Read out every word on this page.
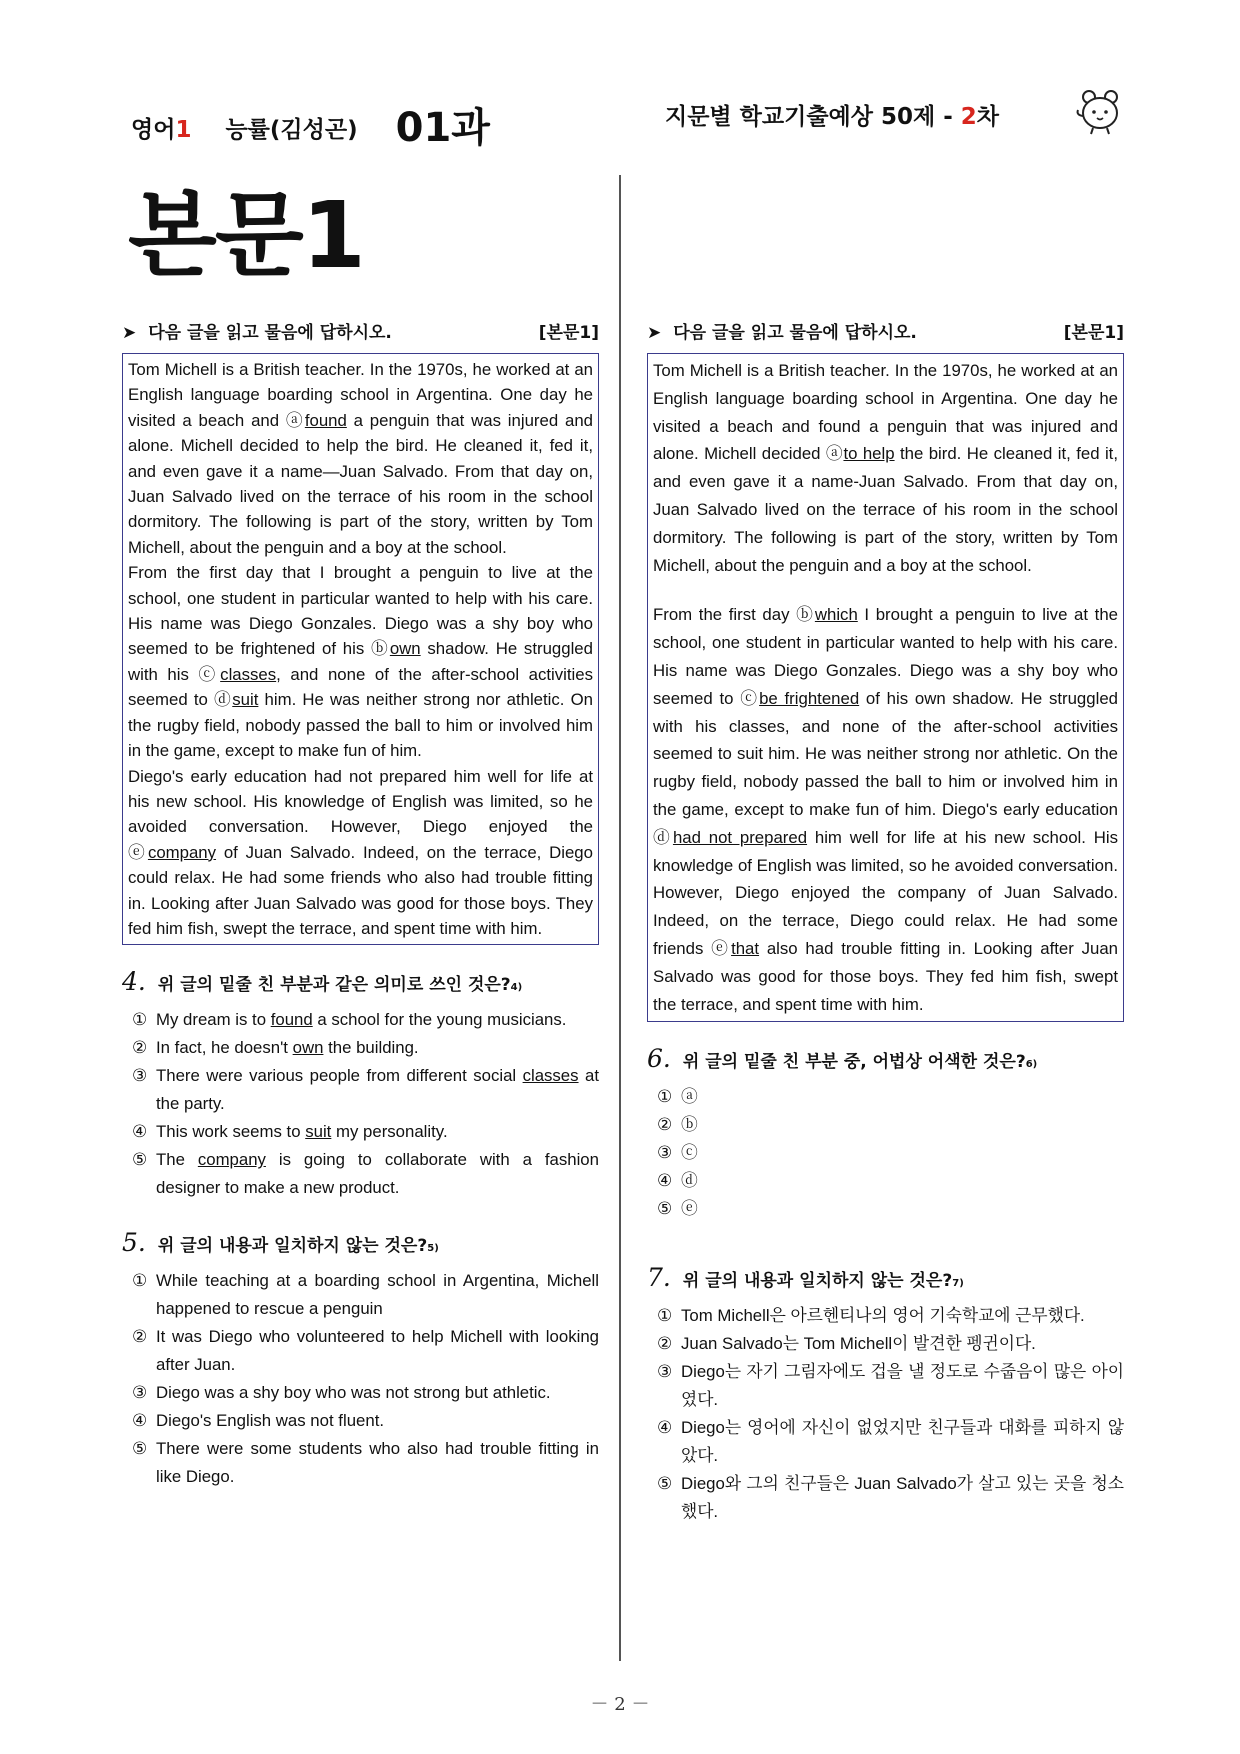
영어1 능률(김성곤) 01과	지문별 학교기출예상 50제 - 2차
본문1
➤ 다음 글을 읽고 물음에 답하시오.	[본문1]

Tom Michell is a British teacher. In the 1970s, he worked at an English language boarding school in Argentina. One day he visited a beach and ⓐfound a penguin that was injured and alone. Michell decided to help the bird. He cleaned it, fed it, and even gave it a name—Juan Salvado. From that day on, Juan Salvado lived on the terrace of his room in the school dormitory. The following is part of the story, written by Tom Michell, about the penguin and a boy at the school.

From the first day that I brought a penguin to live at the school, one student in particular wanted to help with his care. His name was Diego Gonzales. Diego was a shy boy who seemed to be frightened of his ⓑown shadow. He struggled with his ⓒclasses, and none of the after-school activities seemed to ⓓsuit him. He was neither strong nor athletic. On the rugby field, nobody passed the ball to him or involved him in the game, except to make fun of him.

Diego's early education had not prepared him well for life at his new school. His knowledge of English was limited, so he avoided conversation. However, Diego enjoyed the ⓔcompany of Juan Salvado. Indeed, on the terrace, Diego could relax. He had some friends who also had trouble fitting in. Looking after Juan Salvado was good for those boys. They fed him fish, swept the terrace, and spent time with him.

4. 위 글의 밑줄 친 부분과 같은 의미로 쓰인 것은? 4)
① My dream is to found a school for the young musicians.
② In fact, he doesn't own the building.
③ There were various people from different social classes at the party.
④ This work seems to suit my personality.
⑤ The company is going to collaborate with a fashion designer to make a new product.
5. 위 글의 내용과 일치하지 않는 것은? 5)
① While teaching at a boarding school in Argentina, Michell happened to rescue a penguin
② It was Diego who volunteered to help Michell with looking after Juan.
③ Diego was a shy boy who was not strong but athletic.
④ Diego's English was not fluent.
⑤ There were some students who also had trouble fitting in like Diego.
➤ 다음 글을 읽고 물음에 답하시오.	[본문1]

Tom Michell is a British teacher. In the 1970s, he worked at an English language boarding school in Argentina. One day he visited a beach and found a penguin that was injured and alone. Michell decided ⓐto help the bird. He cleaned it, fed it, and even gave it a name-Juan Salvado. From that day on, Juan Salvado lived on the terrace of his room in the school dormitory. The following is part of the story, written by Tom Michell, about the penguin and a boy at the school.

From the first day ⓑwhich I brought a penguin to live at the school, one student in particular wanted to help with his care. His name was Diego Gonzales. Diego was a shy boy who seemed to ⓒbe frightened of his own shadow. He struggled with his classes, and none of the after-school activities seemed to suit him. He was neither strong nor athletic. On the rugby field, nobody passed the ball to him or involved him in the game, except to make fun of him. Diego's early education ⓓhad not prepared him well for life at his new school. His knowledge of English was limited, so he avoided conversation. However, Diego enjoyed the company of Juan Salvado. Indeed, on the terrace, Diego could relax. He had some friends ⓔthat also had trouble fitting in. Looking after Juan Salvado was good for those boys. They fed him fish, swept the terrace, and spent time with him.

6. 위 글의 밑줄 친 부분 중, 어법상 어색한 것은? 6)
① ⓐ
② ⓑ
③ ⓒ
④ ⓓ
⑤ ⓔ
7. 위 글의 내용과 일치하지 않는 것은? 7)
① Tom Michell은 아르헨티나의 영어 기숙학교에 근무했다.
② Juan Salvado는 Tom Michell이 발견한 펭귄이다.
③ Diego는 자기 그림자에도 겁을 낼 정도로 수줍음이 많은 아이였다.
④ Diego는 영어에 자신이 없었지만 친구들과 대화를 피하지 않았다.
⑤ Diego와 그의 친구들은 Juan Salvado가 살고 있는 곳을 청소했다.
－ 2 －
